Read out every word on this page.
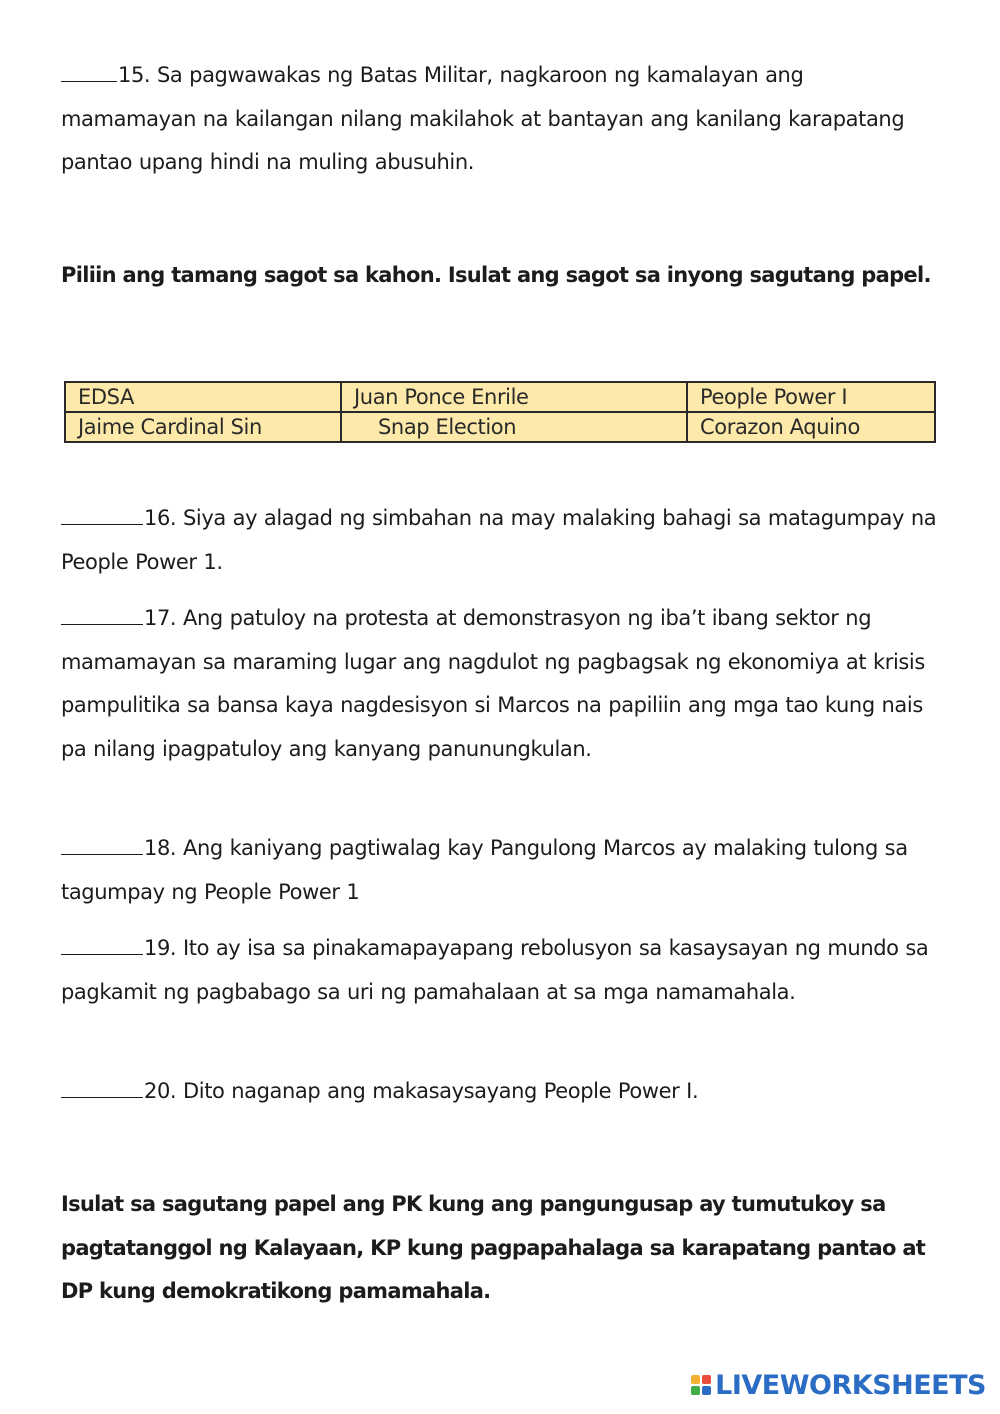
15. Sa pagwawakas ng Batas Militar, nagkaroon ng kamalayan ang mamamayan na kailangan nilang makilahok at bantayan ang kanilang karapatang pantao upang hindi na muling abusuhin.

Piliin ang tamang sagot sa kahon. Isulat ang sagot sa inyong sagutang papel.

EDSA	Juan Ponce Enrile	People Power I
Jaime Cardinal Sin	Snap Election	Corazon Aquino

16. Siya ay alagad ng simbahan na may malaking bahagi sa matagumpay na People Power 1.

17. Ang patuloy na protesta at demonstrasyon ng iba’t ibang sektor ng mamamayan sa maraming lugar ang nagdulot ng pagbagsak ng ekonomiya at krisis pampulitika sa bansa kaya nagdesisyon si Marcos na papiliin ang mga tao kung nais pa nilang ipagpatuloy ang kanyang panunungkulan.

18. Ang kaniyang pagtiwalag kay Pangulong Marcos ay malaking tulong sa tagumpay ng People Power 1

19. Ito ay isa sa pinakamapayapang rebolusyon sa kasaysayan ng mundo sa pagkamit ng pagbabago sa uri ng pamahalaan at sa mga namamahala.

20. Dito naganap ang makasaysayang People Power I.

Isulat sa sagutang papel ang PK kung ang pangungusap ay tumutukoy sa pagtatanggol ng Kalayaan, KP kung pagpapahalaga sa karapatang pantao at DP kung demokratikong pamamahala.

LIVEWORKSHEETS
